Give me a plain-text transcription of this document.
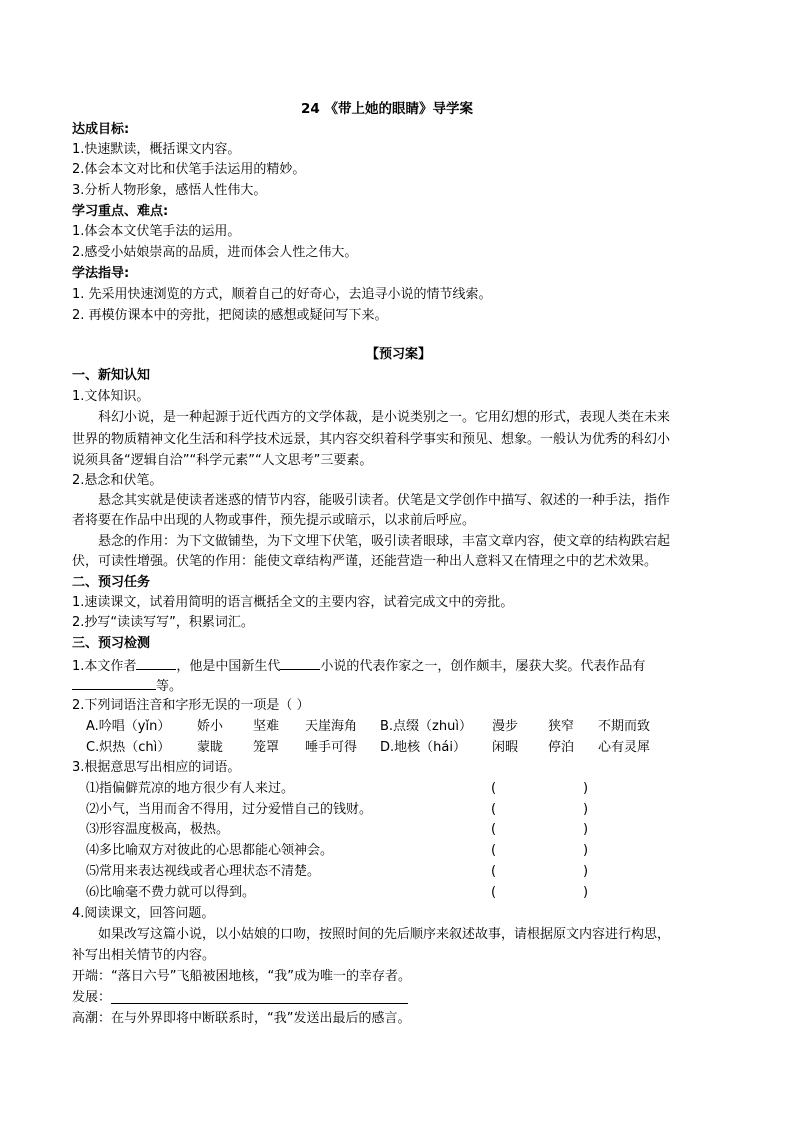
24 《带上她的眼睛》导学案
达成目标:
1.快速默读，概括课文内容。
2.体会本文对比和伏笔手法运用的精妙。
3.分析人物形象，感悟人性伟大。
学习重点、难点:
1.体会本文伏笔手法的运用。
2.感受小姑娘崇高的品质，进而体会人性之伟大。
学法指导:
1. 先采用快速浏览的方式，顺着自己的好奇心，去追寻小说的情节线索。
2. 再模仿课本中的旁批，把阅读的感想或疑问写下来。
【预习案】
一、新知认知
1.文体知识。
科幻小说，是一种起源于近代西方的文学体裁，是小说类别之一。它用幻想的形式，表现人类在未来
世界的物质精神文化生活和科学技术远景，其内容交织着科学事实和预见、想象。一般认为优秀的科幻小
说须具备“逻辑自洽”“科学元素”“人文思考”三要素。
2.悬念和伏笔。
悬念其实就是使读者迷惑的情节内容，能吸引读者。伏笔是文学创作中描写、叙述的一种手法，指作
者将要在作品中出现的人物或事件，预先提示或暗示，以求前后呼应。
悬念的作用：为下文做铺垫，为下文埋下伏笔，吸引读者眼球，丰富文章内容，使文章的结构跌宕起
伏，可读性增强。伏笔的作用：能使文章结构严谨，还能营造一种出人意料又在情理之中的艺术效果。
二、预习任务
1.速读课文，试着用简明的语言概括全文的主要内容，试着完成文中的旁批。
2.抄写“读读写写”，积累词汇。
三、预习检测
1.本文作者	，他是中国新生代	小说的代表作家之一，创作颇丰，屡获大奖。代表作品有
等。
2.下列词语注音和字形无误的一项是（ ）
A.吟唱（yǐn） 娇小 坚难 天崖海角 B.点缀（zhuì） 漫步 狭窄 不期而致
C.炽热（chì） 蒙眬 笼罩 唾手可得 D.地核（hái） 闲暇 停泊 心有灵犀
3.根据意思写出相应的词语。
⑴指偏僻荒凉的地方很少有人来过。	(	)
⑵小气，当用而舍不得用，过分爱惜自己的钱财。	(	)
⑶形容温度极高，极热。	(	)
⑷多比喻双方对彼此的心思都能心领神会。	(	)
⑸常用来表达视线或者心理状态不清楚。	(	)
⑹比喻毫不费力就可以得到。	(	)
4.阅读课文，回答问题。
如果改写这篇小说，以小姑娘的口吻，按照时间的先后顺序来叙述故事，请根据原文内容进行构思，
补写出相关情节的内容。
开端：“落日六号”飞船被困地核，“我”成为唯一的幸存者。
发展：
高潮：在与外界即将中断联系时，“我”发送出最后的感言。
